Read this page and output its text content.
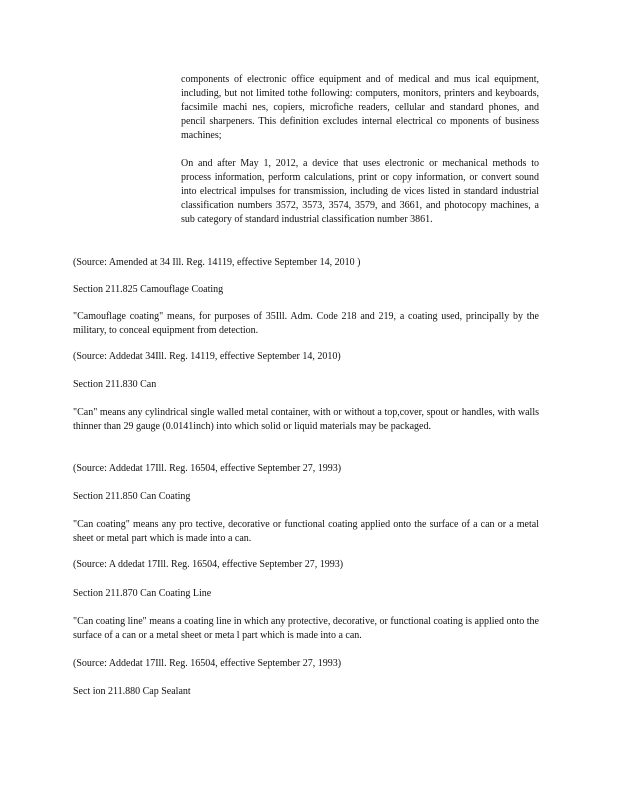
components of electronic office equipment and of medical and mus ical equipment, including, but not limited tothe following: computers, monitors, printers and keyboards, facsimile machi nes, copiers, microfiche readers, cellular and standard phones, and pencil sharpeners. This definition excludes internal electrical co mponents of business machines;

On and after May 1, 2012, a device that uses electronic or mechanical methods to process information, perform calculations, print or copy information, or convert sound into electrical impulses for transmission, including de vices listed in standard industrial classification numbers 3572, 3573, 3574, 3579, and 3661, and photocopy machines, a sub category of standard industrial classification number 3861.

(Source: Amended at 34 Ill. Reg. 14119, effective September 14, 2010 )

Section 211.825 Camouflage Coating

"Camouflage coating" means, for purposes of 35Ill. Adm. Code 218 and 219, a coating used, principally by the military, to conceal equipment from detection.

(Source: Addedat 34Ill. Reg. 14119, effective September 14, 2010)

Section 211.830 Can

"Can" means any cylindrical single walled metal container, with or without a top,cover, spout or handles, with walls thinner than 29 gauge (0.0141inch) into which solid or liquid materials may be packaged.

(Source: Addedat 17Ill. Reg. 16504, effective September 27, 1993)

Section 211.850 Can Coating

"Can coating" means any pro tective, decorative or functional coating applied onto the surface of a can or a metal sheet or metal part which is made into a can.

(Source: A ddedat 17Ill. Reg. 16504, effective September 27, 1993)

Section 211.870 Can Coating Line

"Can coating line" means a coating line in which any protective, decorative, or functional coating is applied onto the surface of a can or a metal sheet or meta l part which is made into a can.

(Source: Addedat 17Ill. Reg. 16504, effective September 27, 1993)

Sect ion 211.880 Cap Sealant
